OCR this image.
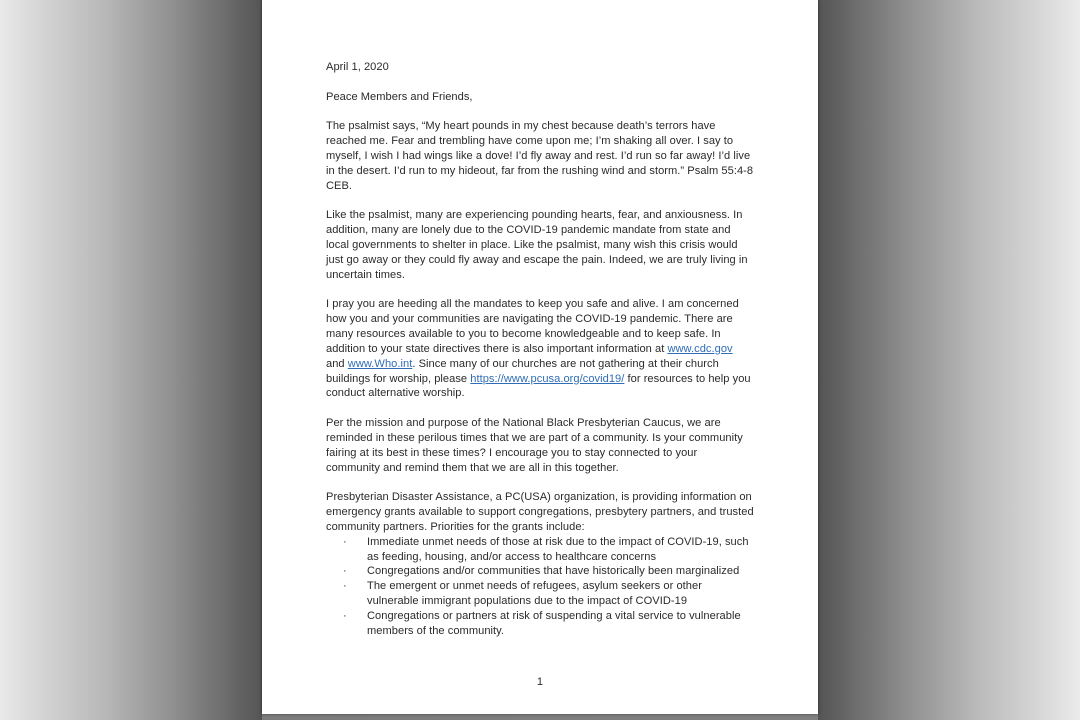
April 1, 2020

Peace Members and Friends,

The psalmist says, “My heart pounds in my chest because death’s terrors have reached me. Fear and trembling have come upon me; I’m shaking all over. I say to myself, I wish I had wings like a dove! I’d fly away and rest. I’d run so far away! I’d live in the desert. I’d run to my hideout, far from the rushing wind and storm.” Psalm 55:4-8 CEB.

Like the psalmist, many are experiencing pounding hearts, fear, and anxiousness. In addition, many are lonely due to the COVID-19 pandemic mandate from state and local governments to shelter in place. Like the psalmist, many wish this crisis would just go away or they could fly away and escape the pain. Indeed, we are truly living in uncertain times.

I pray you are heeding all the mandates to keep you safe and alive. I am concerned how you and your communities are navigating the COVID-19 pandemic. There are many resources available to you to become knowledgeable and to keep safe. In addition to your state directives there is also important information at www.cdc.gov and www.Who.int. Since many of our churches are not gathering at their church buildings for worship, please https://www.pcusa.org/covid19/ for resources to help you conduct alternative worship.

Per the mission and purpose of the National Black Presbyterian Caucus, we are reminded in these perilous times that we are part of a community. Is your community fairing at its best in these times? I encourage you to stay connected to your community and remind them that we are all in this together.

Presbyterian Disaster Assistance, a PC(USA) organization, is providing information on emergency grants available to support congregations, presbytery partners, and trusted community partners. Priorities for the grants include:

· Immediate unmet needs of those at risk due to the impact of COVID-19, such as feeding, housing, and/or access to healthcare concerns
· Congregations and/or communities that have historically been marginalized
· The emergent or unmet needs of refugees, asylum seekers or other vulnerable immigrant populations due to the impact of COVID-19
· Congregations or partners at risk of suspending a vital service to vulnerable members of the community.
1
